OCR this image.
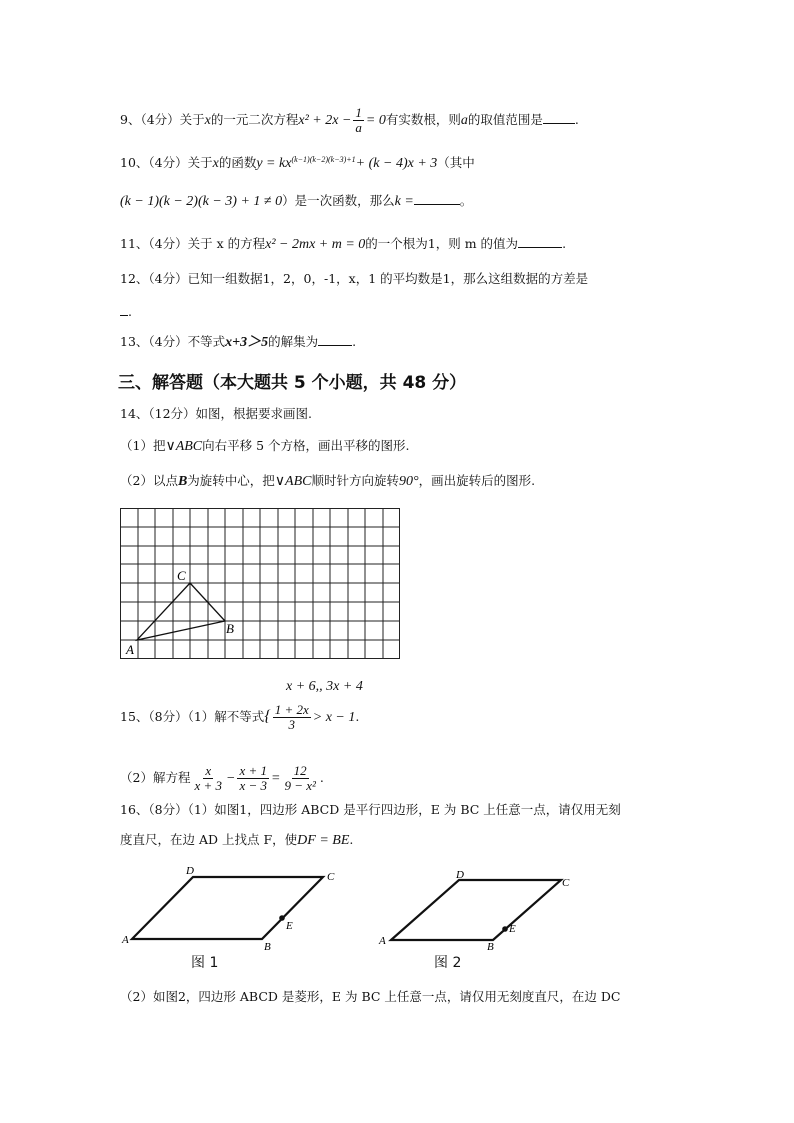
9、（4分）关于x的一元二次方程$x^2 + 2x - \frac{1}{a} = 0$有实数根，则a的取值范围是	.
10、（4分）关于x的函数$y = kx^{(k-1)(k-2)(k-3)+1}+ (k - 4)x + 3$（其中
(k − 1)(k − 2)(k − 3) + 1 ≠ 0）是一次函数，那么k =	。
11、（4分）关于 x 的方程x² − 2mx + m = 0的一个根为1，则 m 的值为	.
12、（4分）已知一组数据1，2，0，-1，x，1 的平均数是1，那么这组数据的方差是
.
13、（4分）不等式x+3＞5的解集为	.
三、解答题（本大题共 5 个小题，共 48 分）
14、（12分）如图，根据要求画图.
（1）把∨ABC向右平移 5 个方格，画出平移的图形.
（2）以点B为旋转中心，把∨ABC顺时针方向旋转90°，画出旋转后的图形.
A
B
C
x + 6,, 3x + 4
15、（8分）（1）解不等式{ $\frac{1 + 2x}{3} > x - 1$.
（2）解方程 $\frac{x}{x + 3} - \frac{x + 1}{x - 3} = \frac{12}{\text{9 − x²}}$ .
16、（8分）（1）如图1，四边形 ABCD 是平行四边形，E 为 BC 上任意一点，请仅用无刻
度直尺，在边 AD 上找点 F，使DF = BE.
A
B
C
D
E
图 1
A	B
C
D
E
图 2
（2）如图2，四边形 ABCD 是菱形，E 为 BC 上任意一点，请仅用无刻度直尺，在边 DC
